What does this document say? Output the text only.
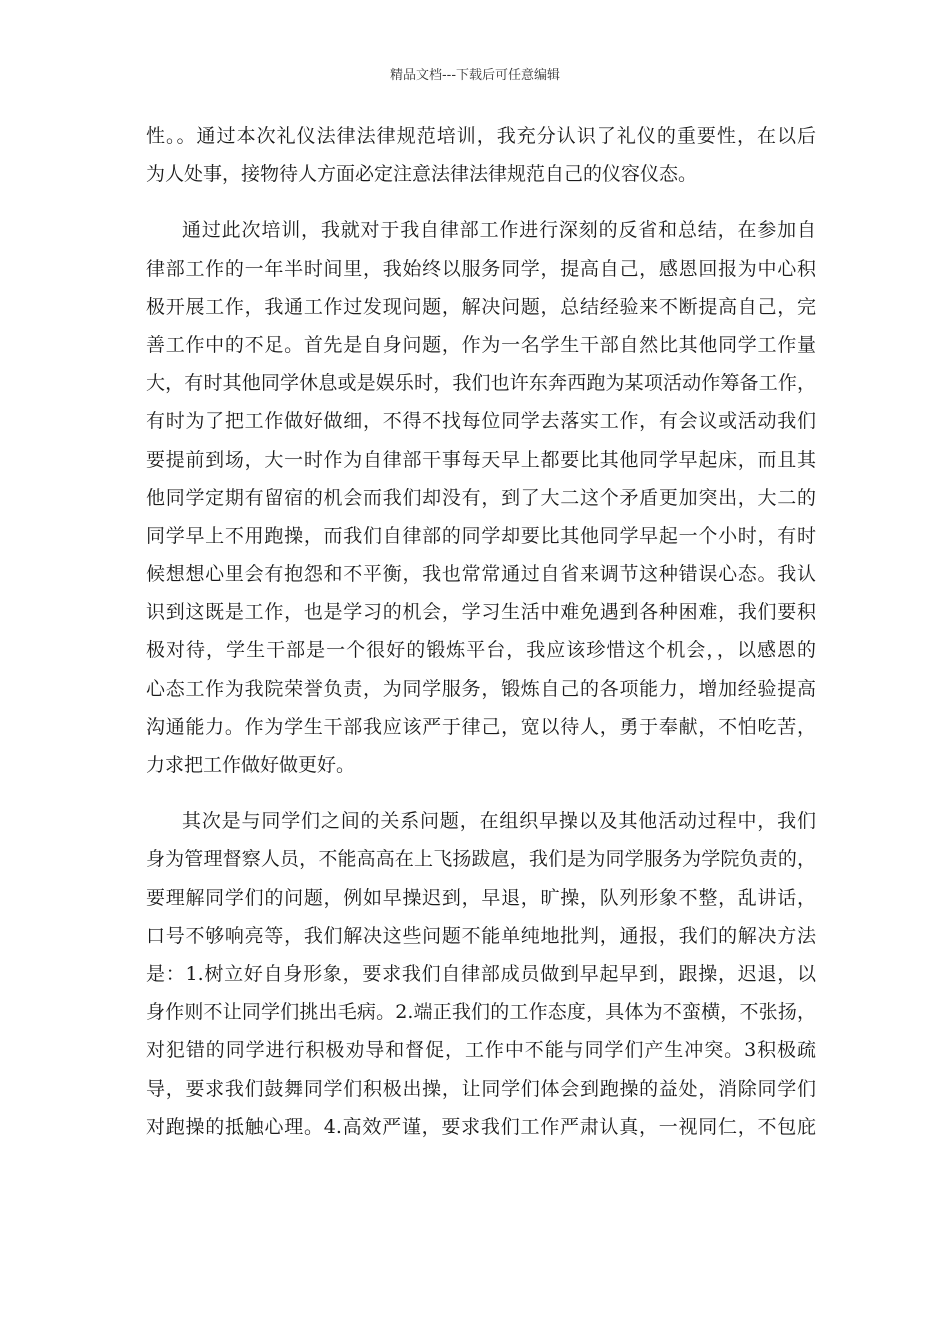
精品文档---下载后可任意编辑
性。。通过本次礼仪法律法律规范培训，我充分认识了礼仪的重要性，在以后
为人处事，接物待人方面必定注意法律法律规范自己的仪容仪态。
通过此次培训，我就对于我自律部工作进行深刻的反省和总结，在参加自
律部工作的一年半时间里，我始终以服务同学，提高自己，感恩回报为中心积
极开展工作，我通工作过发现问题，解决问题，总结经验来不断提高自己，完
善工作中的不足。首先是自身问题，作为一名学生干部自然比其他同学工作量
大，有时其他同学休息或是娱乐时，我们也许东奔西跑为某项活动作筹备工作，
有时为了把工作做好做细，不得不找每位同学去落实工作，有会议或活动我们
要提前到场，大一时作为自律部干事每天早上都要比其他同学早起床，而且其
他同学定期有留宿的机会而我们却没有，到了大二这个矛盾更加突出，大二的
同学早上不用跑操，而我们自律部的同学却要比其他同学早起一个小时，有时
候想想心里会有抱怨和不平衡，我也常常通过自省来调节这种错误心态。我认
识到这既是工作，也是学习的机会，学习生活中难免遇到各种困难，我们要积
极对待，学生干部是一个很好的锻炼平台，我应该珍惜这个机会，，以感恩的
心态工作为我院荣誉负责，为同学服务，锻炼自己的各项能力，增加经验提高
沟通能力。作为学生干部我应该严于律己，宽以待人，勇于奉献，不怕吃苦，
力求把工作做好做更好。
其次是与同学们之间的关系问题，在组织早操以及其他活动过程中，我们
身为管理督察人员，不能高高在上飞扬跋扈，我们是为同学服务为学院负责的，
要理解同学们的问题，例如早操迟到，早退，旷操，队列形象不整，乱讲话，
口号不够响亮等，我们解决这些问题不能单纯地批判，通报，我们的解决方法
是：1.树立好自身形象，要求我们自律部成员做到早起早到，跟操，迟退，以
身作则不让同学们挑出毛病。2.端正我们的工作态度，具体为不蛮横，不张扬，
对犯错的同学进行积极劝导和督促，工作中不能与同学们产生冲突。3积极疏
导，要求我们鼓舞同学们积极出操，让同学们体会到跑操的益处，消除同学们
对跑操的抵触心理。4.高效严谨，要求我们工作严肃认真，一视同仁，不包庇
